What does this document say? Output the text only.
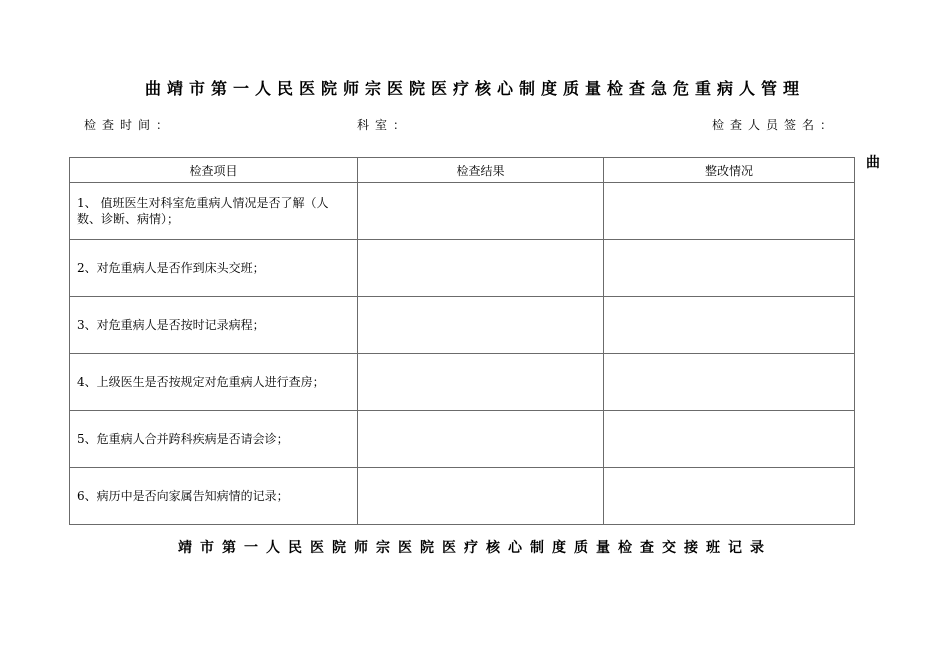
曲靖市第一人民医院师宗医院医疗核心制度质量检查急危重病人管理
检查时间：	科室：	检查人员签名：
曲
检查项目	检查结果	整改情况

1、 值班医生对科室危重病人情况是否了解（人数、诊断、病情）；		

2、对危重病人是否作到床头交班；		

3、对危重病人是否按时记录病程；		

4、上级医生是否按规定对危重病人进行查房；		

5、危重病人合并跨科疾病是否请会诊；		

6、病历中是否向家属告知病情的记录；		

靖市第一人民医院师宗医院医疗核心制度质量检查交接班记录
